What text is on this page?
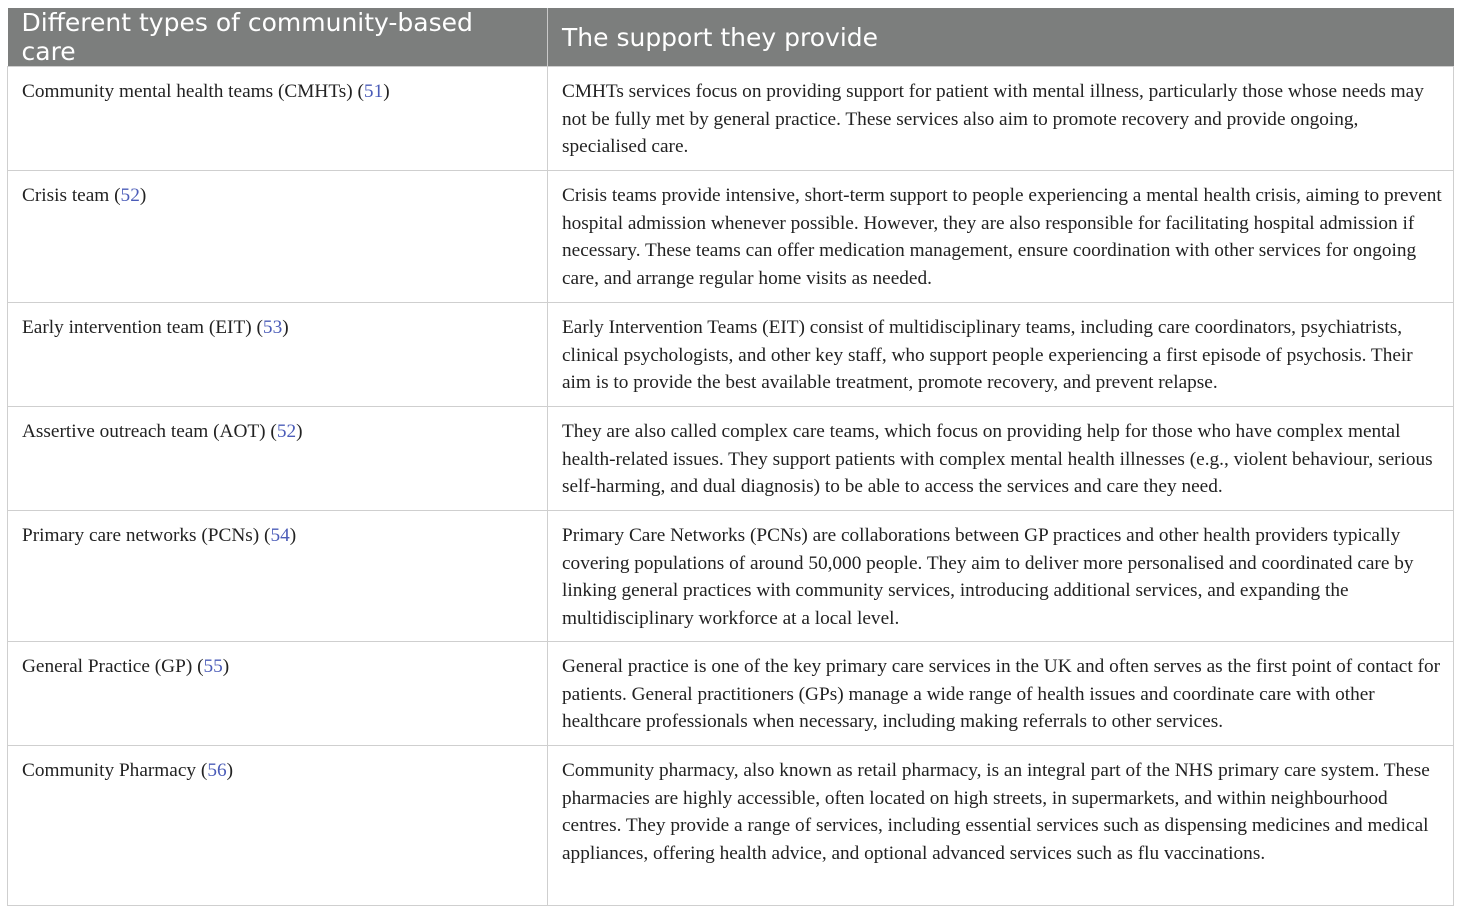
Different types of community-based care	The support they provide
Community mental health teams (CMHTs) (51)	CMHTs services focus on providing support for patient with mental illness, particularly those whose needs may not be fully met by general practice. These services also aim to promote recovery and provide ongoing, specialised care.
Crisis team (52)	Crisis teams provide intensive, short-term support to people experiencing a mental health crisis, aiming to prevent hospital admission whenever possible. However, they are also responsible for facilitating hospital admission if necessary. These teams can offer medication management, ensure coordination with other services for ongoing care, and arrange regular home visits as needed.
Early intervention team (EIT) (53)	Early Intervention Teams (EIT) consist of multidisciplinary teams, including care coordinators, psychiatrists, clinical psychologists, and other key staff, who support people experiencing a first episode of psychosis. Their aim is to provide the best available treatment, promote recovery, and prevent relapse.
Assertive outreach team (AOT) (52)	They are also called complex care teams, which focus on providing help for those who have complex mental health-related issues. They support patients with complex mental health illnesses (e.g., violent behaviour, serious self-harming, and dual diagnosis) to be able to access the services and care they need.
Primary care networks (PCNs) (54)	Primary Care Networks (PCNs) are collaborations between GP practices and other health providers typically covering populations of around 50,000 people. They aim to deliver more personalised and coordinated care by linking general practices with community services, introducing additional services, and expanding the multidisciplinary workforce at a local level.
General Practice (GP) (55)	General practice is one of the key primary care services in the UK and often serves as the first point of contact for patients. General practitioners (GPs) manage a wide range of health issues and coordinate care with other healthcare professionals when necessary, including making referrals to other services.
Community Pharmacy (56)	Community pharmacy, also known as retail pharmacy, is an integral part of the NHS primary care system. These pharmacies are highly accessible, often located on high streets, in supermarkets, and within neighbourhood centres. They provide a range of services, including essential services such as dispensing medicines and medical appliances, offering health advice, and optional advanced services such as flu vaccinations.
